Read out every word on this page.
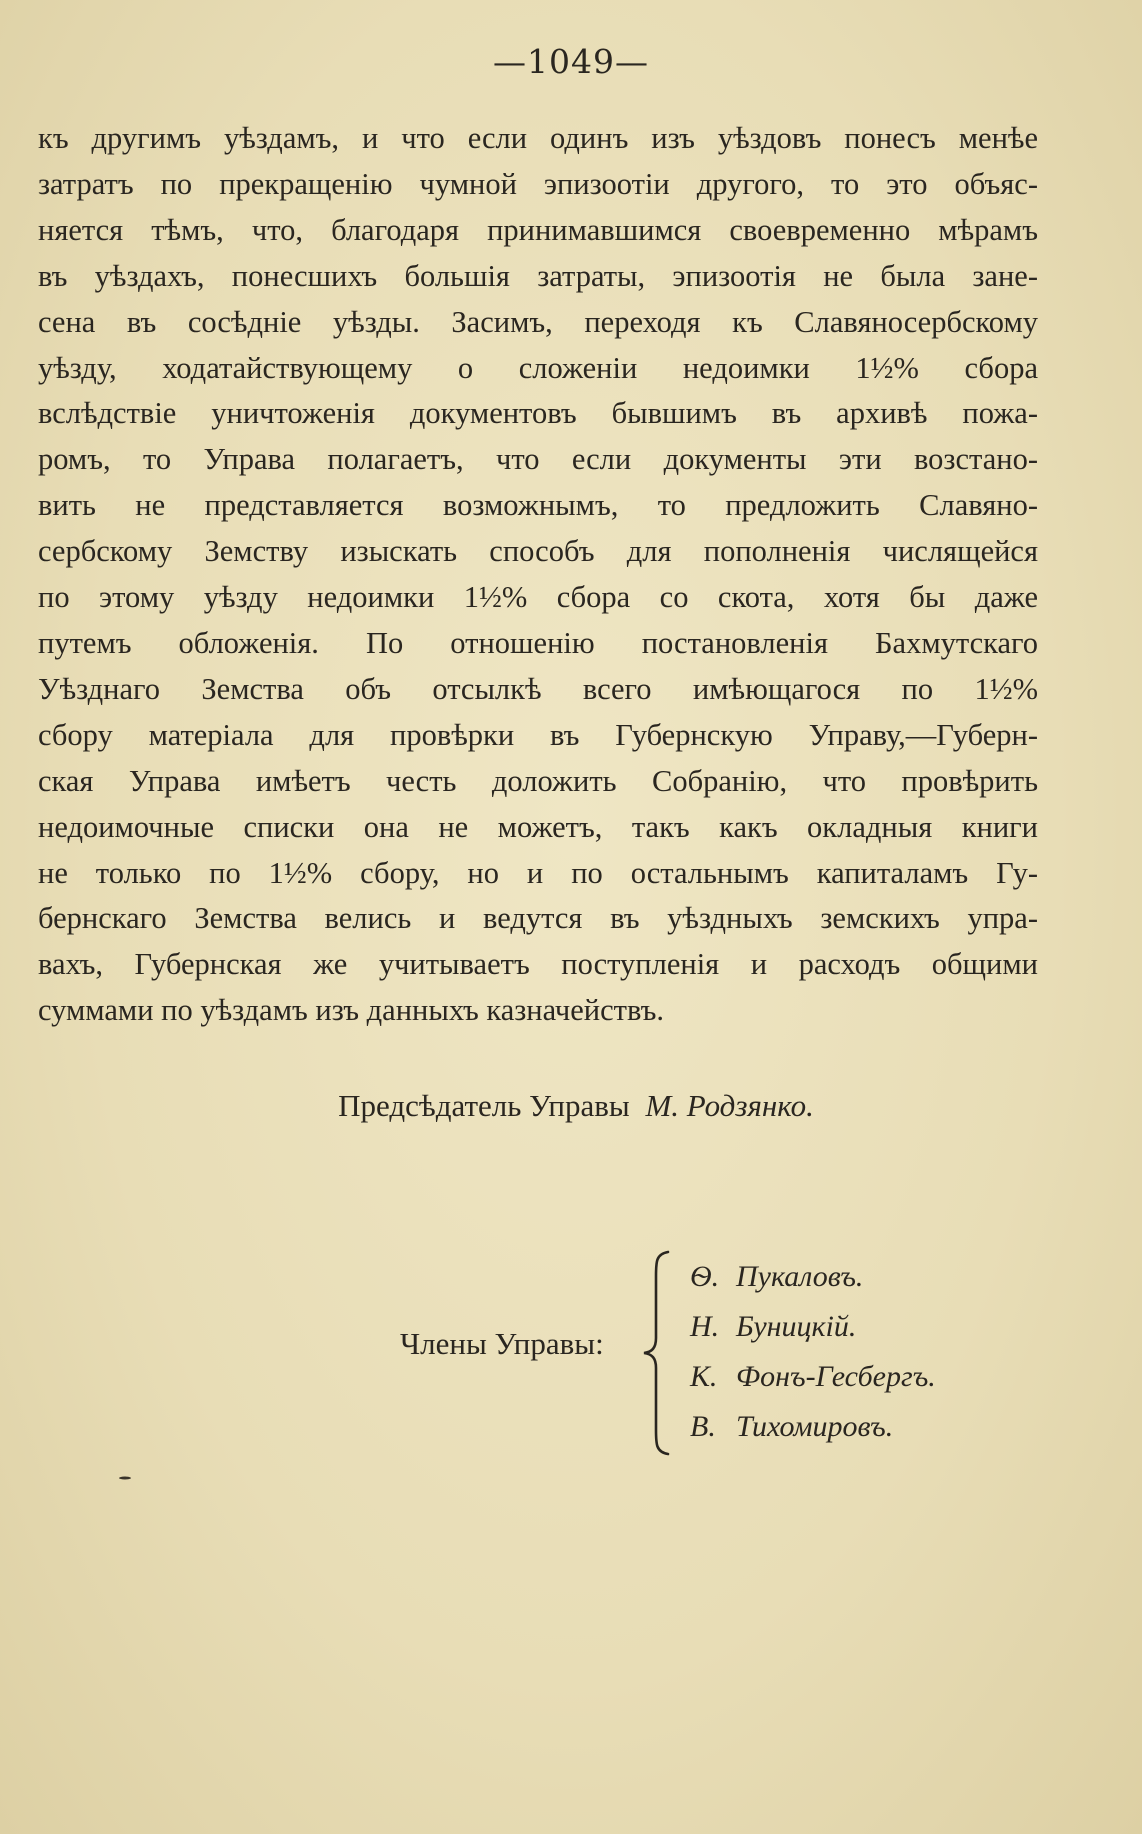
—1049—
къ другимъ уѣздамъ, и что если одинъ изъ уѣздовъ понесъ менѣе
затратъ по прекращенію чумной эпизоотіи другого, то это объяс-
няется тѣмъ, что, благодаря принимавшимся своевременно мѣрамъ
въ уѣздахъ, понесшихъ большія затраты, эпизоотія не была зане-
сена въ сосѣдніе уѣзды. Засимъ, переходя къ Славяносербскому
уѣзду, ходатайствующему о сложеніи недоимки 1½% сбора
вслѣдствіе уничтоженія документовъ бывшимъ въ архивѣ пожа-
ромъ, то Управа полагаетъ, что если документы эти возстано-
вить не представляется возможнымъ, то предложить Славяно-
сербскому Земству изыскать способъ для пополненія числящейся
по этому уѣзду недоимки 1½% сбора со скота, хотя бы даже
путемъ обложенія. По отношенію постановленія Бахмутскаго
Уѣзднаго Земства объ отсылкѣ всего имѣющагося по 1½%
сбору матеріала для провѣрки въ Губернскую Управу,—Губерн-
ская Управа имѣетъ честь доложить Собранію, что провѣрить
недоимочные списки она не можетъ, такъ какъ окладныя книги
не только по 1½% сбору, но и по остальнымъ капиталамъ Гу-
бернскаго Земства велись и ведутся въ уѣздныхъ земскихъ упра-
вахъ, Губернская же учитываетъ поступленія и расходъ общими
суммами по уѣздамъ изъ данныхъ казначействъ.
Предсѣдатель Управы М. Родзянко.
Члены Управы:
Ѳ. Пукаловъ.
Н. Буницкій.
К. Фонъ-Гесбергъ.
В. Тихомировъ.
